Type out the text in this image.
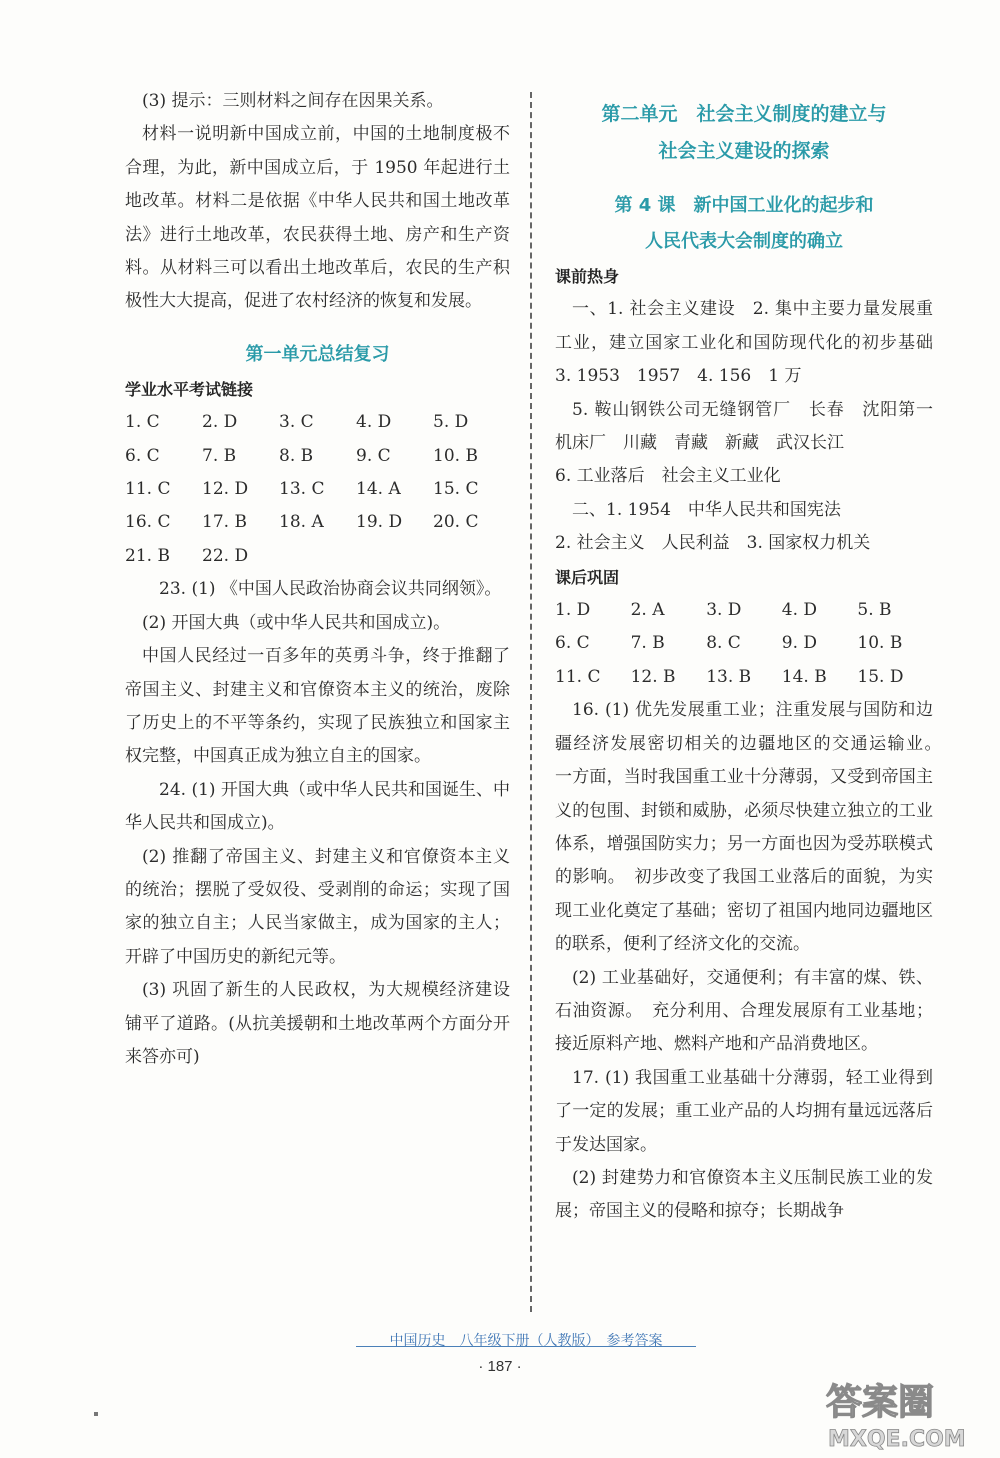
(3) 提示：三则材料之间存在因果关系。

材料一说明新中国成立前，中国的土地制度极不合理，为此，新中国成立后，于 1950 年起进行土地改革。材料二是依据《中华人民共和国土地改革法》进行土地改革，农民获得土地、房产和生产资料。从材料三可以看出土地改革后，农民的生产积极性大大提高，促进了农村经济的恢复和发展。

第一单元总结复习
学业水平考试链接
1. C	2. D	3. C	4. D	5. D
6. C	7. B	8. B	9. C	10. B
11. C	12. D	13. C	14. A	15. C
16. C	17. B	18. A	19. D	20. C
21. B	22. D

23. (1) 《中国人民政治协商会议共同纲领》。

(2) 开国大典（或中华人民共和国成立)。

中国人民经过一百多年的英勇斗争，终于推翻了帝国主义、封建主义和官僚资本主义的统治，废除了历史上的不平等条约，实现了民族独立和国家主权完整，中国真正成为独立自主的国家。

24. (1) 开国大典（或中华人民共和国诞生、中华人民共和国成立)。

(2) 推翻了帝国主义、封建主义和官僚资本主义的统治；摆脱了受奴役、受剥削的命运；实现了国家的独立自主；人民当家做主，成为国家的主人；开辟了中国历史的新纪元等。

(3) 巩固了新生的人民政权，为大规模经济建设铺平了道路。(从抗美援朝和土地改革两个方面分开来答亦可)

第二单元　社会主义制度的建立与
社会主义建设的探索
第 4 课　新中国工业化的起步和
人民代表大会制度的确立
课前热身

一、1. 社会主义建设　2. 集中主要力量发展重工业，建立国家工业化和国防现代化的初步基础　3. 1953　1957　4. 156　1 万

5. 鞍山钢铁公司无缝钢管厂　长春　沈阳第一机床厂　川藏　青藏　新藏　武汉长江

6. 工业落后　社会主义工业化

二、1. 1954　中华人民共和国宪法

2. 社会主义　人民利益　3. 国家权力机关

课后巩固
1. D	2. A	3. D	4. D	5. B
6. C	7. B	8. C	9. D	10. B
11. C	12. B	13. B	14. B	15. D

16. (1) 优先发展重工业；注重发展与国防和边疆经济发展密切相关的边疆地区的交通运输业。　一方面，当时我国重工业十分薄弱，又受到帝国主义的包围、封锁和威胁，必须尽快建立独立的工业体系，增强国防实力；另一方面也因为受苏联模式的影响。　初步改变了我国工业落后的面貌，为实现工业化奠定了基础；密切了祖国内地同边疆地区的联系，便利了经济文化的交流。

(2) 工业基础好，交通便利；有丰富的煤、铁、石油资源。　充分利用、合理发展原有工业基地；接近原料产地、燃料产地和产品消费地区。

17. (1) 我国重工业基础十分薄弱，轻工业得到了一定的发展；重工业产品的人均拥有量远远落后于发达国家。

(2) 封建势力和官僚资本主义压制民族工业的发展；帝国主义的侵略和掠夺；长期战争

中国历史　八年级下册（人教版）　参考答案
· 187 ·
答案圈
MXQE.COM
